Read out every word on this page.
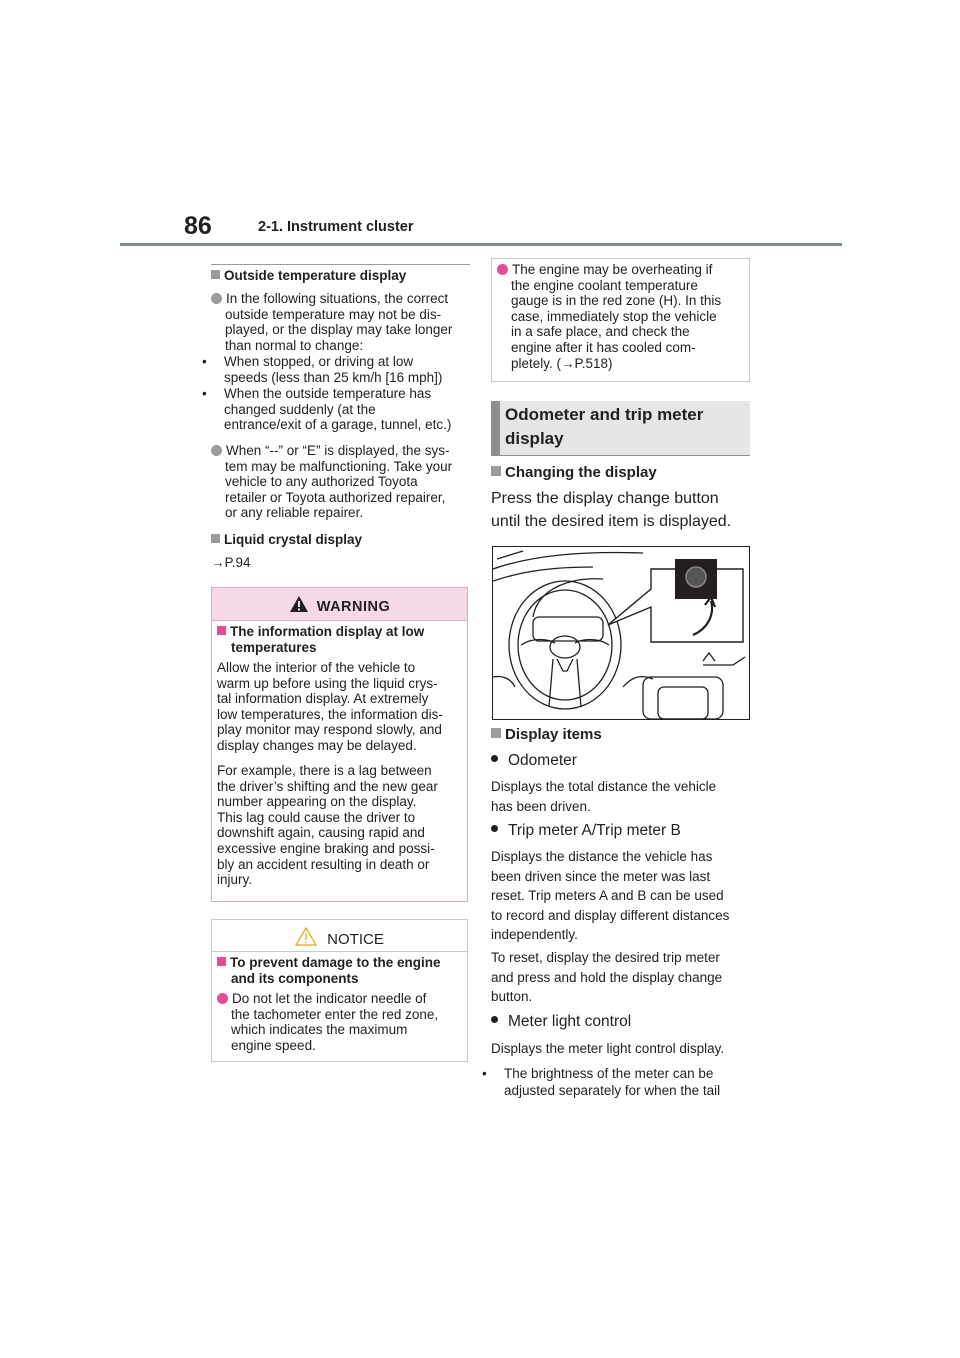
86	2-1. Instrument cluster
Outside temperature display
In the following situations, the correct
outside temperature may not be dis-
played, or the display may take longer
than normal to change:
• When stopped, or driving at low
speeds (less than 25 km/h [16 mph])
• When the outside temperature has
changed suddenly (at the
entrance/exit of a garage, tunnel, etc.)
When “--” or “E” is displayed, the sys-
tem may be malfunctioning. Take your
vehicle to any authorized Toyota
retailer or Toyota authorized repairer,
or any reliable repairer.
Liquid crystal display
→P.94
WARNING
The information display at low
temperatures
Allow the interior of the vehicle to
warm up before using the liquid crys-
tal information display. At extremely
low temperatures, the information dis-
play monitor may respond slowly, and
display changes may be delayed.
For example, there is a lag between
the driver’s shifting and the new gear
number appearing on the display.
This lag could cause the driver to
downshift again, causing rapid and
excessive engine braking and possi-
bly an accident resulting in death or
injury.
NOTICE
To prevent damage to the engine
and its components
Do not let the indicator needle of
the tachometer enter the red zone,
which indicates the maximum
engine speed.
The engine may be overheating if
the engine coolant temperature
gauge is in the red zone (H). In this
case, immediately stop the vehicle
in a safe place, and check the
engine after it has cooled com-
pletely. (→P.518)
Odometer and trip meter
display
Changing the display
Press the display change button
until the desired item is displayed.
Display items
Odometer
Displays the total distance the vehicle
has been driven.
Trip meter A/Trip meter B
Displays the distance the vehicle has
been driven since the meter was last
reset. Trip meters A and B can be used
to record and display different distances
independently.
To reset, display the desired trip meter
and press and hold the display change
button.
Meter light control
Displays the meter light control display.
• The brightness of the meter can be
adjusted separately for when the tail
